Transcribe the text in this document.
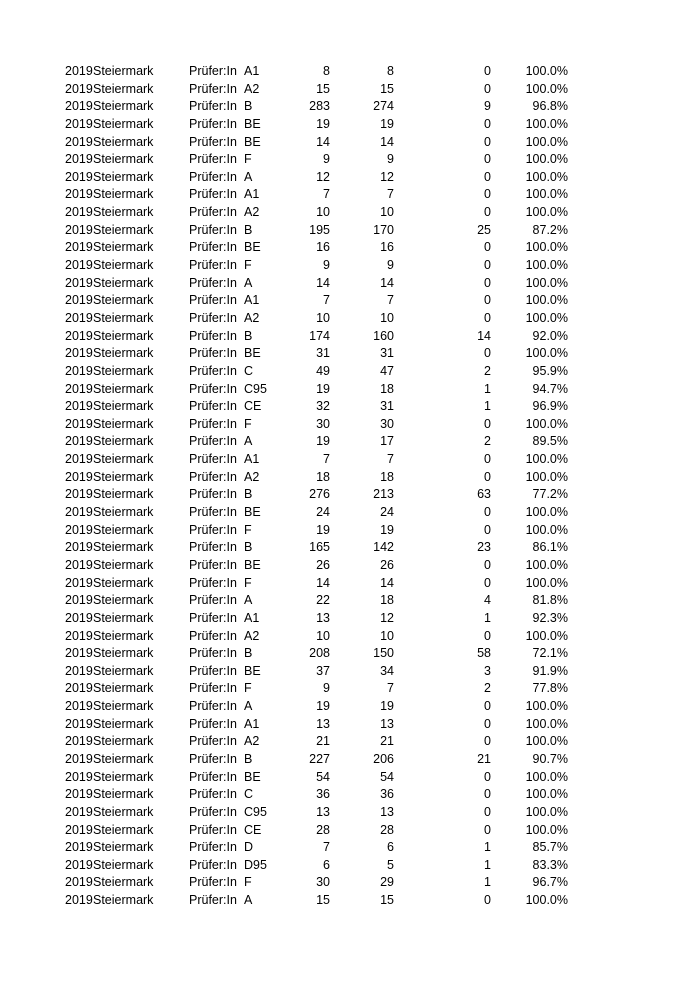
2019 Steiermark	Prüfer:In A1	8	8	0	100.0%
2019 Steiermark	Prüfer:In A2	15	15	0	100.0%
2019 Steiermark	Prüfer:In B	283	274	9	96.8%
2019 Steiermark	Prüfer:In BE	19	19	0	100.0%
2019 Steiermark	Prüfer:In BE	14	14	0	100.0%
2019 Steiermark	Prüfer:In F	9	9	0	100.0%
2019 Steiermark	Prüfer:In A	12	12	0	100.0%
2019 Steiermark	Prüfer:In A1	7	7	0	100.0%
2019 Steiermark	Prüfer:In A2	10	10	0	100.0%
2019 Steiermark	Prüfer:In B	195	170	25	87.2%
2019 Steiermark	Prüfer:In BE	16	16	0	100.0%
2019 Steiermark	Prüfer:In F	9	9	0	100.0%
2019 Steiermark	Prüfer:In A	14	14	0	100.0%
2019 Steiermark	Prüfer:In A1	7	7	0	100.0%
2019 Steiermark	Prüfer:In A2	10	10	0	100.0%
2019 Steiermark	Prüfer:In B	174	160	14	92.0%
2019 Steiermark	Prüfer:In BE	31	31	0	100.0%
2019 Steiermark	Prüfer:In C	49	47	2	95.9%
2019 Steiermark	Prüfer:In C95	19	18	1	94.7%
2019 Steiermark	Prüfer:In CE	32	31	1	96.9%
2019 Steiermark	Prüfer:In F	30	30	0	100.0%
2019 Steiermark	Prüfer:In A	19	17	2	89.5%
2019 Steiermark	Prüfer:In A1	7	7	0	100.0%
2019 Steiermark	Prüfer:In A2	18	18	0	100.0%
2019 Steiermark	Prüfer:In B	276	213	63	77.2%
2019 Steiermark	Prüfer:In BE	24	24	0	100.0%
2019 Steiermark	Prüfer:In F	19	19	0	100.0%
2019 Steiermark	Prüfer:In B	165	142	23	86.1%
2019 Steiermark	Prüfer:In BE	26	26	0	100.0%
2019 Steiermark	Prüfer:In F	14	14	0	100.0%
2019 Steiermark	Prüfer:In A	22	18	4	81.8%
2019 Steiermark	Prüfer:In A1	13	12	1	92.3%
2019 Steiermark	Prüfer:In A2	10	10	0	100.0%
2019 Steiermark	Prüfer:In B	208	150	58	72.1%
2019 Steiermark	Prüfer:In BE	37	34	3	91.9%
2019 Steiermark	Prüfer:In F	9	7	2	77.8%
2019 Steiermark	Prüfer:In A	19	19	0	100.0%
2019 Steiermark	Prüfer:In A1	13	13	0	100.0%
2019 Steiermark	Prüfer:In A2	21	21	0	100.0%
2019 Steiermark	Prüfer:In B	227	206	21	90.7%
2019 Steiermark	Prüfer:In BE	54	54	0	100.0%
2019 Steiermark	Prüfer:In C	36	36	0	100.0%
2019 Steiermark	Prüfer:In C95	13	13	0	100.0%
2019 Steiermark	Prüfer:In CE	28	28	0	100.0%
2019 Steiermark	Prüfer:In D	7	6	1	85.7%
2019 Steiermark	Prüfer:In D95	6	5	1	83.3%
2019 Steiermark	Prüfer:In F	30	29	1	96.7%
2019 Steiermark	Prüfer:In A	15	15	0	100.0%
